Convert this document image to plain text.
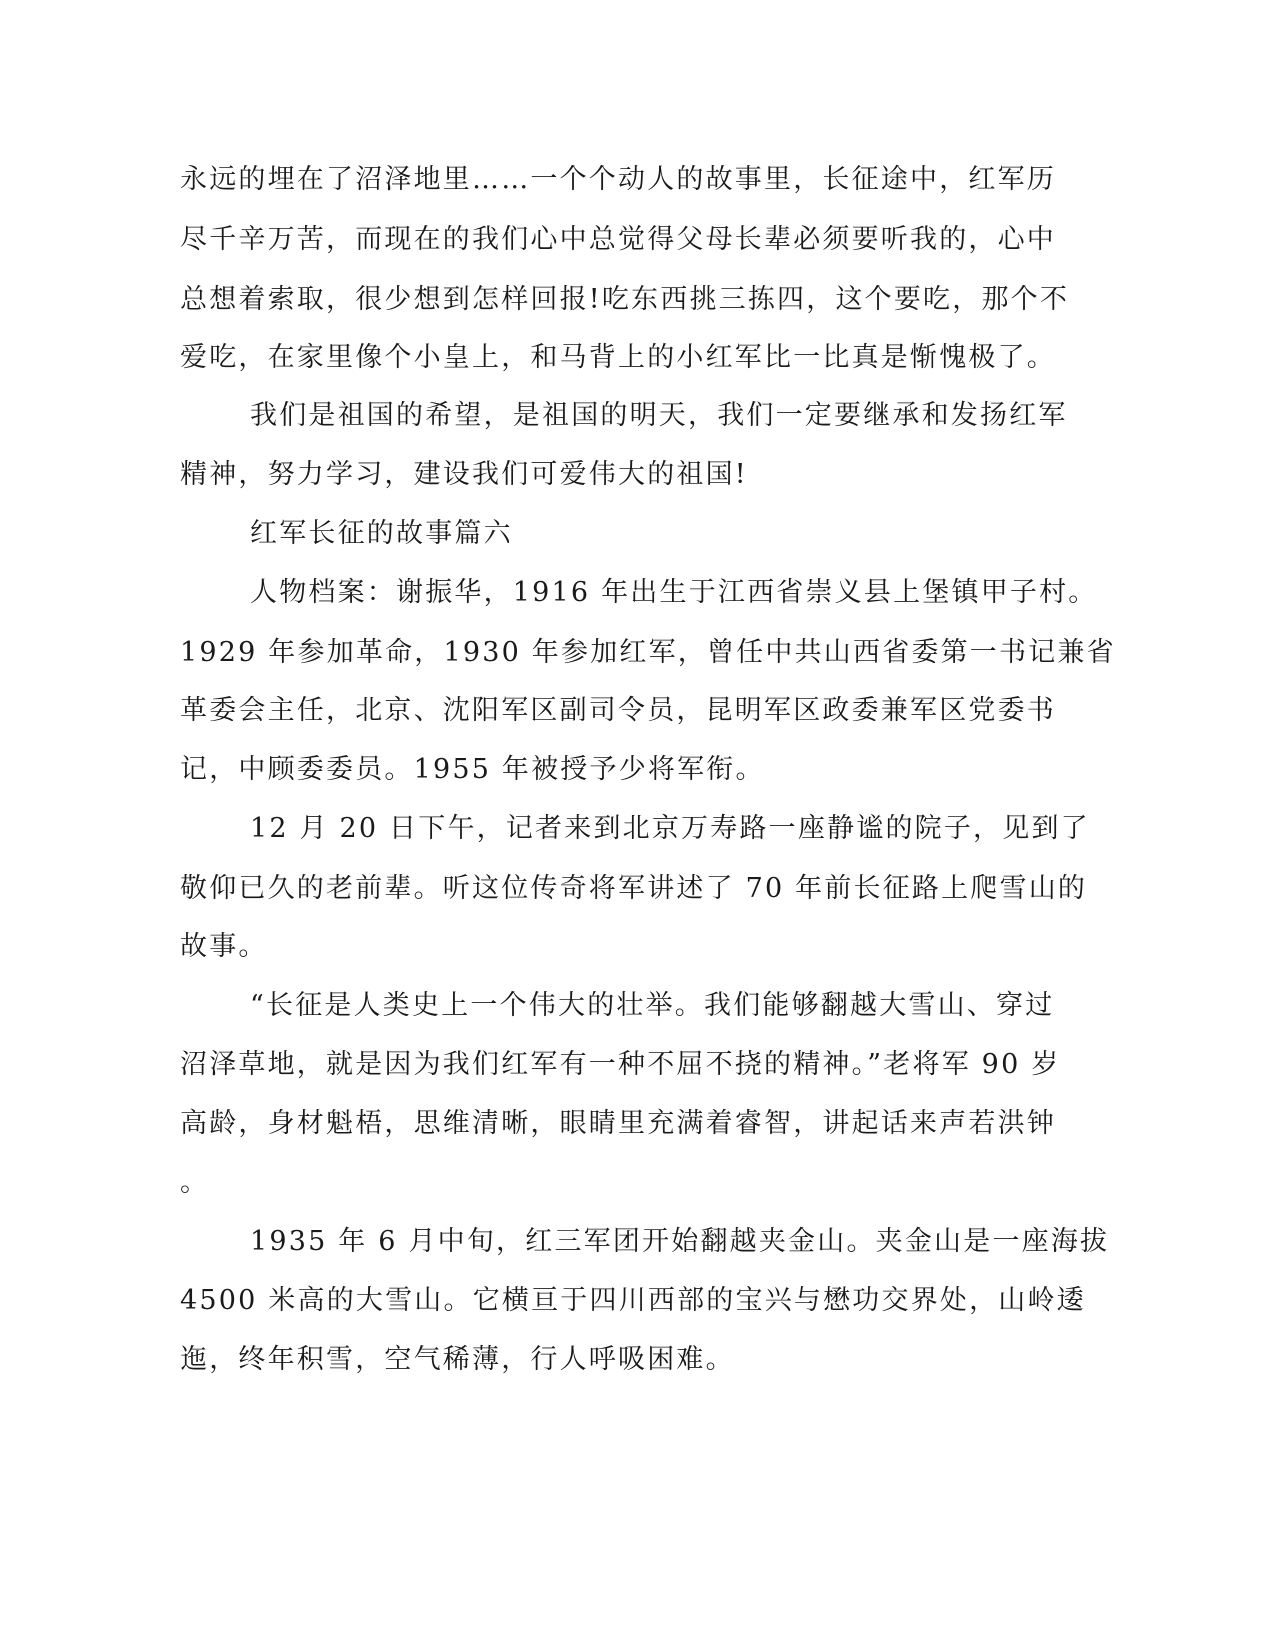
永远的埋在了沼泽地里……一个个动人的故事里，长征途中，红军历
尽千辛万苦，而现在的我们心中总觉得父母长辈必须要听我的，心中
总想着索取，很少想到怎样回报!吃东西挑三拣四，这个要吃，那个不
爱吃，在家里像个小皇上，和马背上的小红军比一比真是惭愧极了。
我们是祖国的希望，是祖国的明天，我们一定要继承和发扬红军
精神，努力学习，建设我们可爱伟大的祖国!
红军长征的故事篇六
人物档案：谢振华，1916 年出生于江西省崇义县上堡镇甲子村。
1929 年参加革命，1930 年参加红军，曾任中共山西省委第一书记兼省
革委会主任，北京、沈阳军区副司令员，昆明军区政委兼军区党委书
记，中顾委委员。1955 年被授予少将军衔。
12 月 20 日下午，记者来到北京万寿路一座静谧的院子，见到了
敬仰已久的老前辈。听这位传奇将军讲述了 70 年前长征路上爬雪山的
故事。
“长征是人类史上一个伟大的壮举。我们能够翻越大雪山、穿过
沼泽草地，就是因为我们红军有一种不屈不挠的精神。”老将军 90 岁
高龄，身材魁梧，思维清晰，眼睛里充满着睿智，讲起话来声若洪钟
。
1935 年 6 月中旬，红三军团开始翻越夹金山。夹金山是一座海拔
4500 米高的大雪山。它横亘于四川西部的宝兴与懋功交界处，山岭逶
迤，终年积雪，空气稀薄，行人呼吸困难。
